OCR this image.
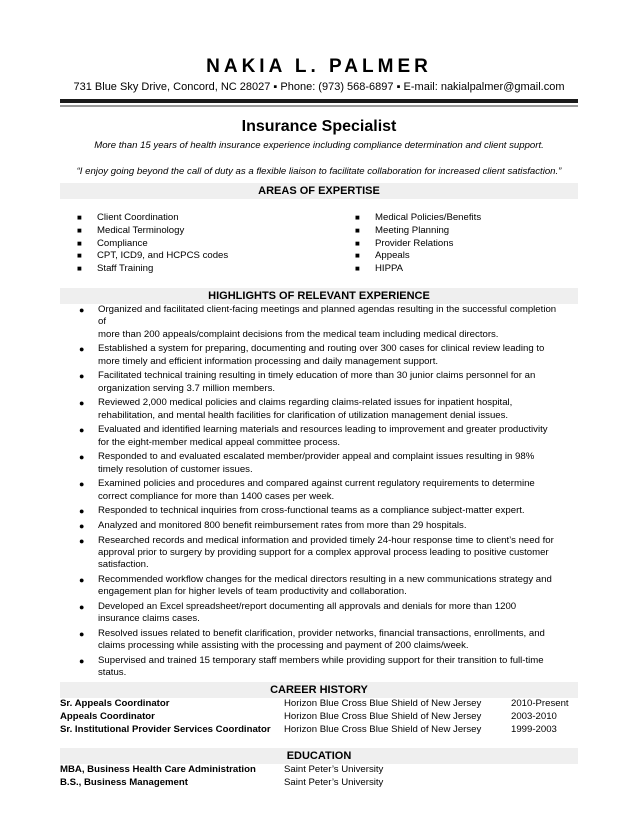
NAKIA L. PALMER
731 Blue Sky Drive, Concord, NC 28027 ▪ Phone: (973) 568-6897 ▪ E-mail: nakialpalmer@gmail.com
Insurance Specialist
More than 15 years of health insurance experience including compliance determination and client support.
“I enjoy going beyond the call of duty as a flexible liaison to facilitate collaboration for increased client satisfaction.”
AREAS OF EXPERTISE
■ Client Coordination
■ Medical Terminology
■ Compliance
■ CPT, ICD9, and HCPCS codes
■ Staff Training
■ Medical Policies/Benefits
■ Meeting Planning
■ Provider Relations
■ Appeals
■ HIPPA
HIGHLIGHTS OF RELEVANT EXPERIENCE
● Organized and facilitated client-facing meetings and planned agendas resulting in the successful completion of
more than 200 appeals/complaint decisions from the medical team including medical directors.
● Established a system for preparing, documenting and routing over 300 cases for clinical review leading to
more timely and efficient information processing and daily management support.
● Facilitated technical training resulting in timely education of more than 30 junior claims personnel for an
organization serving 3.7 million members.
● Reviewed 2,000 medical policies and claims regarding claims-related issues for inpatient hospital,
rehabilitation, and mental health facilities for clarification of utilization management denial issues.
● Evaluated and identified learning materials and resources leading to improvement and greater productivity
for the eight-member medical appeal committee process.
● Responded to and evaluated escalated member/provider appeal and complaint issues resulting in 98%
timely resolution of customer issues.
● Examined policies and procedures and compared against current regulatory requirements to determine
correct compliance for more than 1400 cases per week.
● Responded to technical inquiries from cross-functional teams as a compliance subject-matter expert.
● Analyzed and monitored 800 benefit reimbursement rates from more than 29 hospitals.
● Researched records and medical information and provided timely 24-hour response time to client’s need for
approval prior to surgery by providing support for a complex approval process leading to positive customer
satisfaction.
● Recommended workflow changes for the medical directors resulting in a new communications strategy and
engagement plan for higher levels of team productivity and collaboration.
● Developed an Excel spreadsheet/report documenting all approvals and denials for more than 1200
insurance claims cases.
● Resolved issues related to benefit clarification, provider networks, financial transactions, enrollments, and
claims processing while assisting with the processing and payment of 200 claims/week.
● Supervised and trained 15 temporary staff members while providing support for their transition to full-time
status.
CAREER HISTORY
Sr. Appeals Coordinator	Horizon Blue Cross Blue Shield of New Jersey	2010-Present
Appeals Coordinator	Horizon Blue Cross Blue Shield of New Jersey	2003-2010
Sr. Institutional Provider Services Coordinator Horizon Blue Cross Blue Shield of New Jersey	1999-2003
EDUCATION
MBA, Business Health Care Administration	Saint Peter’s University
B.S., Business Management	Saint Peter’s University
